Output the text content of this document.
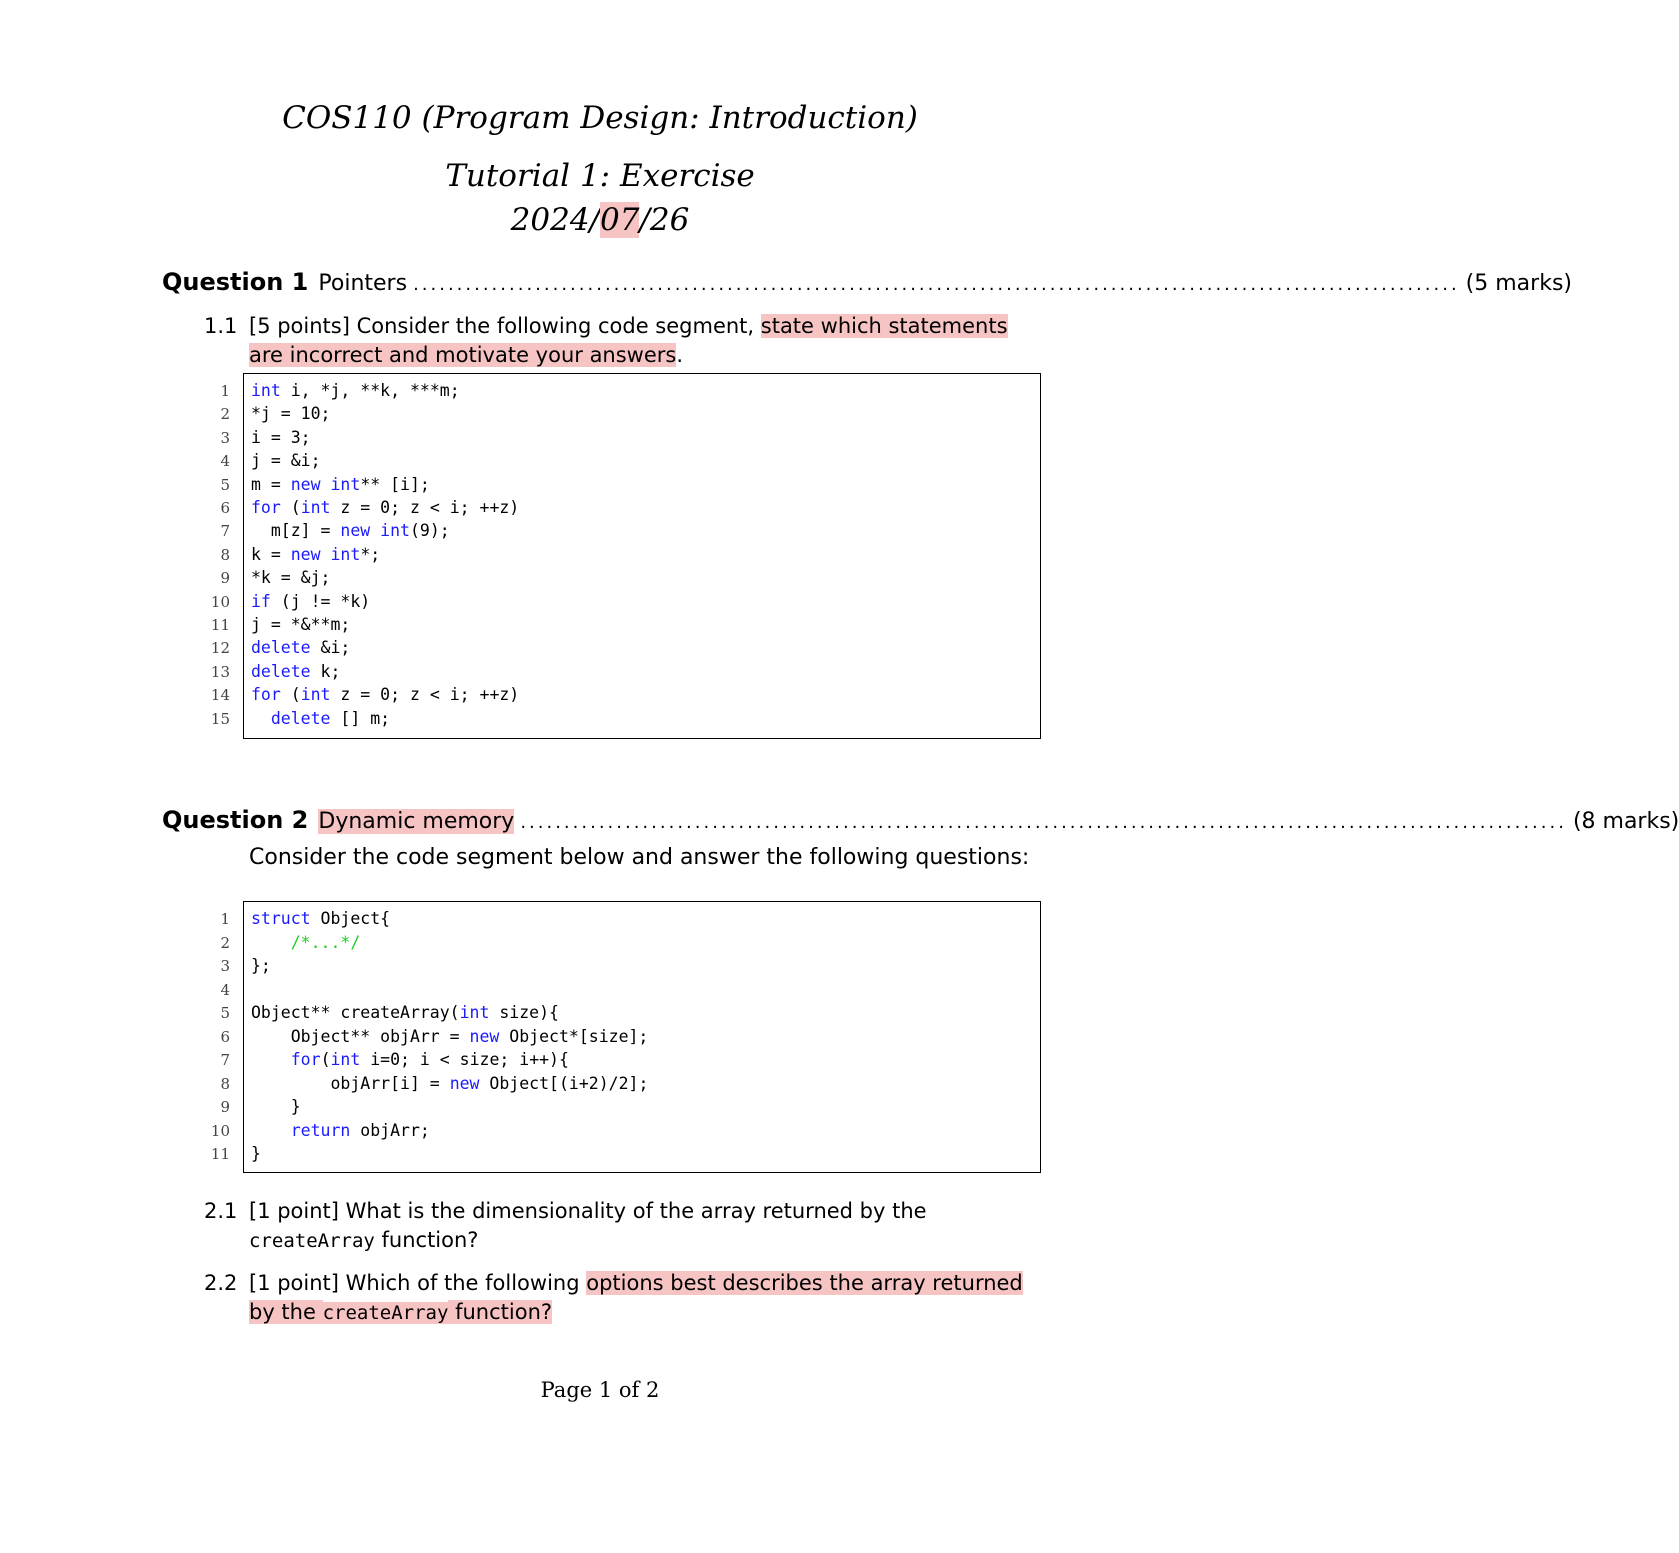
COS110 (Program Design: Introduction)
Tutorial 1: Exercise
2024/07/26
Question 1 Pointers ........................................................................................................................ (5 marks)
1.1 [5 points] Consider the following code segment, state which statements are incorrect and motivate your answers.
1 int i, *j, **k, ***m;
2 *j = 10;
3 i = 3;
4 j = &i;
5 m = new int** [i];
6 for (int z = 0; z < i; ++z)
7 m[z] = new int(9);
8 k = new int*;
9 *k = &j;
10 if (j != *k)
11 j = *&**m;
12 delete &i;
13 delete k;
14 for (int z = 0; z < i; ++z)
15	delete [] m;
Question 2 Dynamic memory ........................................................................................................................ (8 marks)
Consider the code segment below and answer the following questions:
1 struct Object{
2	/*...*/
3 };
4
5 Object** createArray(int size){
6 Object** objArr = new Object*[size];
7	for(int i=0; i < size; i++){
8 objArr[i] = new Object[(i+2)/2];
9 }
10	return objArr;
11 }
2.1 [1 point] What is the dimensionality of the array returned by the createArray function?
2.2 [1 point] Which of the following options best describes the array returned by the createArray function?
Page 1 of 2
